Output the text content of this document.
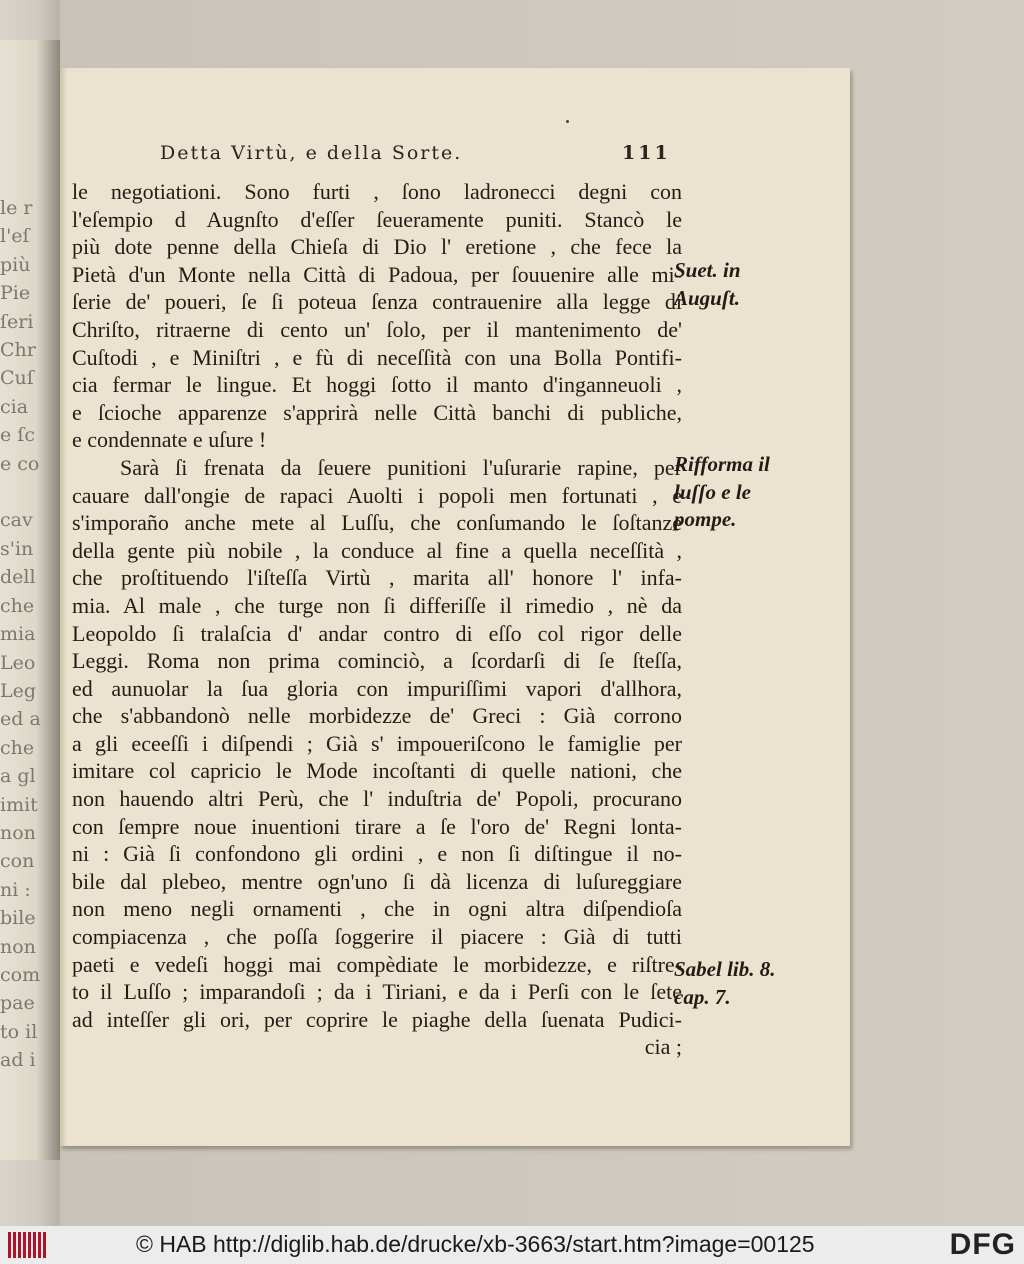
le r
l'eſ
più
Pie
ſeri
Chr
Cuſ
cia
e ſc
e co

cav
s'in
dell
che
mia
Leo
Leg
ed a
che
a gl
imit
non
con
ni :
bile
non
com
pae
to il
ad i
Detta Virtù, e della Sorte.	111
le negotiationi. Sono furti , ſono ladronecci degni con
l'eſempio d Augnſto d'eſſer ſeueramente puniti. Stancò le
più dote penne della Chieſa di Dio l' eretione , che fece la
Pietà d'un Monte nella Città di Padoua, per ſouuenire alle mi-
ſerie de' poueri, ſe ſi poteua ſenza contrauenire alla legge di
Chriſto, ritraerne di cento un' ſolo, per il mantenimento de'
Cuſtodi , e Miniſtri , e fù di neceſſità con una Bolla Pontifi-
cia fermar le lingue. Et hoggi ſotto il manto d'inganneuoli ,
e ſcioche apparenze s'apprirà nelle Città banchi di publiche,
e condennate e uſure !
Sarà ſi frenata da ſeuere punitioni l'uſurarie rapine, per
cauare dall'ongie de rapaci Auolti i popoli men fortunati , e
s'imporaño anche mete al Luſſu, che conſumando le ſoſtanze
della gente più nobile , la conduce al fine a quella neceſſità ,
che proſtituendo l'iſteſſa Virtù , marita all' honore l' infa-
mia. Al male , che turge non ſi differiſſe il rimedio , nè da
Leopoldo ſi tralaſcia d' andar contro di eſſo col rigor delle
Leggi. Roma non prima cominciò, a ſcordarſi di ſe ſteſſa,
ed aunuolar la ſua gloria con impuriſſimi vapori d'allhora,
che s'abbandonò nelle morbidezze de' Greci : Già corrono
a gli eceeſſi i diſpendi ; Già s' impoueriſcono le famiglie per
imitare col capricio le Mode incoſtanti di quelle nationi, che
non hauendo altri Perù, che l' induſtria de' Popoli, procurano
con ſempre noue inuentioni tirare a ſe l'oro de' Regni lonta-
ni : Già ſi confondono gli ordini , e non ſi diſtingue il no-
bile dal plebeo, mentre ogn'uno ſi dà licenza di luſureggiare
non meno negli ornamenti , che in ogni altra diſpendioſa
compiacenza , che poſſa ſoggerire il piacere : Già di tutti
paeti e vedeſi hoggi mai compèdiate le morbidezze, e riſtre-
to il Luſſo ; imparandoſi ; da i Tiriani, e da i Perſi con le ſete
ad inteſſer gli ori, per coprire le piaghe della ſuenata Pudici-
cia ;
Suet. in
Auguſt.
Rifforma il
luſſo e le
pompe.
Sabel lib. 8.
cap. 7.
© HAB http://diglib.hab.de/drucke/xb-3663/start.htm?image=00125	DFG
